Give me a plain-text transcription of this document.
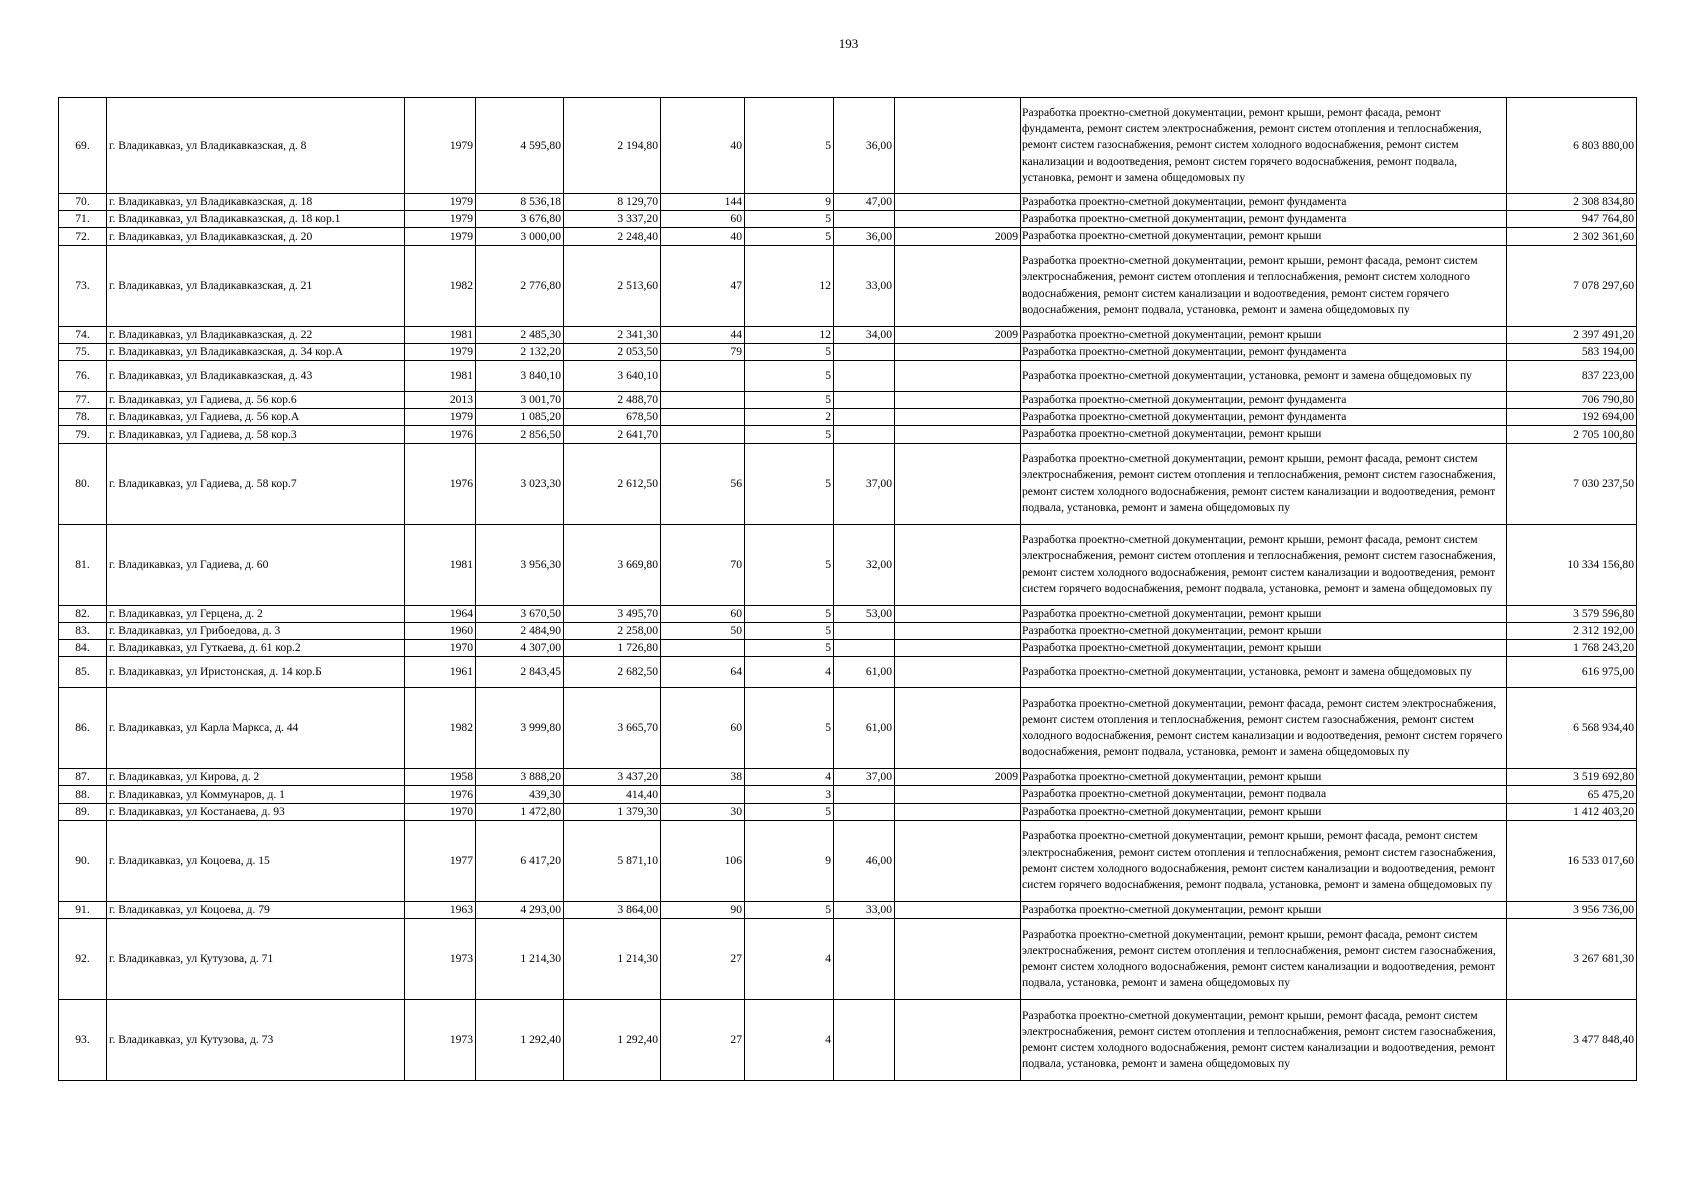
193
69.	г. Владикавказ, ул Владикавказская, д. 8	1979	4 595,80	2 194,80	40	5	36,00		Разработка проектно-сметной документации, ремонт крыши, ремонт фасада, ремонт фундамента, ремонт систем электроснабжения, ремонт систем отопления и теплоснабжения, ремонт систем газоснабжения, ремонт систем холодного водоснабжения, ремонт систем канализации и водоотведения, ремонт систем горячего водоснабжения, ремонт подвала, установка, ремонт и замена общедомовых пу	6 803 880,00
70.	г. Владикавказ, ул Владикавказская, д. 18	1979	8 536,18	8 129,70	144	9	47,00		Разработка проектно-сметной документации, ремонт фундамента	2 308 834,80
71.	г. Владикавказ, ул Владикавказская, д. 18 кор.1	1979	3 676,80	3 337,20	60	5			Разработка проектно-сметной документации, ремонт фундамента	947 764,80
72.	г. Владикавказ, ул Владикавказская, д. 20	1979	3 000,00	2 248,40	40	5	36,00	2009	Разработка проектно-сметной документации, ремонт крыши	2 302 361,60
73.	г. Владикавказ, ул Владикавказская, д. 21	1982	2 776,80	2 513,60	47	12	33,00		Разработка проектно-сметной документации, ремонт крыши, ремонт фасада, ремонт систем электроснабжения, ремонт систем отопления и теплоснабжения, ремонт систем холодного водоснабжения, ремонт систем канализации и водоотведения, ремонт систем горячего водоснабжения, ремонт подвала, установка, ремонт и замена общедомовых пу	7 078 297,60
74.	г. Владикавказ, ул Владикавказская, д. 22	1981	2 485,30	2 341,30	44	12	34,00	2009	Разработка проектно-сметной документации, ремонт крыши	2 397 491,20
75.	г. Владикавказ, ул Владикавказская, д. 34 кор.А	1979	2 132,20	2 053,50	79	5			Разработка проектно-сметной документации, ремонт фундамента	583 194,00
76.	г. Владикавказ, ул Владикавказская, д. 43	1981	3 840,10	3 640,10		5			Разработка проектно-сметной документации, установка, ремонт и замена общедомовых пу	837 223,00
77.	г. Владикавказ, ул Гадиева, д. 56 кор.6	2013	3 001,70	2 488,70		5			Разработка проектно-сметной документации, ремонт фундамента	706 790,80
78.	г. Владикавказ, ул Гадиева, д. 56 кор.А	1979	1 085,20	678,50		2			Разработка проектно-сметной документации, ремонт фундамента	192 694,00
79.	г. Владикавказ, ул Гадиева, д. 58 кор.3	1976	2 856,50	2 641,70		5			Разработка проектно-сметной документации, ремонт крыши	2 705 100,80
80.	г. Владикавказ, ул Гадиева, д. 58 кор.7	1976	3 023,30	2 612,50	56	5	37,00		Разработка проектно-сметной документации, ремонт крыши, ремонт фасада, ремонт систем электроснабжения, ремонт систем отопления и теплоснабжения, ремонт систем газоснабжения, ремонт систем холодного водоснабжения, ремонт систем канализации и водоотведения, ремонт подвала, установка, ремонт и замена общедомовых пу	7 030 237,50
81.	г. Владикавказ, ул Гадиева, д. 60	1981	3 956,30	3 669,80	70	5	32,00		Разработка проектно-сметной документации, ремонт крыши, ремонт фасада, ремонт систем электроснабжения, ремонт систем отопления и теплоснабжения, ремонт систем газоснабжения, ремонт систем холодного водоснабжения, ремонт систем канализации и водоотведения, ремонт систем горячего водоснабжения, ремонт подвала, установка, ремонт и замена общедомовых пу	10 334 156,80
82.	г. Владикавказ, ул Герцена, д. 2	1964	3 670,50	3 495,70	60	5	53,00		Разработка проектно-сметной документации, ремонт крыши	3 579 596,80
83.	г. Владикавказ, ул Грибоедова, д. 3	1960	2 484,90	2 258,00	50	5			Разработка проектно-сметной документации, ремонт крыши	2 312 192,00
84.	г. Владикавказ, ул Гуткаева, д. 61 кор.2	1970	4 307,00	1 726,80		5			Разработка проектно-сметной документации, ремонт крыши	1 768 243,20
85.	г. Владикавказ, ул Иристонская, д. 14 кор.Б	1961	2 843,45	2 682,50	64	4	61,00		Разработка проектно-сметной документации, установка, ремонт и замена общедомовых пу	616 975,00
86.	г. Владикавказ, ул Карла Маркса, д. 44	1982	3 999,80	3 665,70	60	5	61,00		Разработка проектно-сметной документации, ремонт фасада, ремонт систем электроснабжения, ремонт систем отопления и теплоснабжения, ремонт систем газоснабжения, ремонт систем холодного водоснабжения, ремонт систем канализации и водоотведения, ремонт систем горячего водоснабжения, ремонт подвала, установка, ремонт и замена общедомовых пу	6 568 934,40
87.	г. Владикавказ, ул Кирова, д. 2	1958	3 888,20	3 437,20	38	4	37,00	2009	Разработка проектно-сметной документации, ремонт крыши	3 519 692,80
88.	г. Владикавказ, ул Коммунаров, д. 1	1976	439,30	414,40		3			Разработка проектно-сметной документации, ремонт подвала	65 475,20
89.	г. Владикавказ, ул Костанаева, д. 93	1970	1 472,80	1 379,30	30	5			Разработка проектно-сметной документации, ремонт крыши	1 412 403,20
90.	г. Владикавказ, ул Коцоева, д. 15	1977	6 417,20	5 871,10	106	9	46,00		Разработка проектно-сметной документации, ремонт крыши, ремонт фасада, ремонт систем электроснабжения, ремонт систем отопления и теплоснабжения, ремонт систем газоснабжения, ремонт систем холодного водоснабжения, ремонт систем канализации и водоотведения, ремонт систем горячего водоснабжения, ремонт подвала, установка, ремонт и замена общедомовых пу	16 533 017,60
91.	г. Владикавказ, ул Коцоева, д. 79	1963	4 293,00	3 864,00	90	5	33,00		Разработка проектно-сметной документации, ремонт крыши	3 956 736,00
92.	г. Владикавказ, ул Кутузова, д. 71	1973	1 214,30	1 214,30	27	4			Разработка проектно-сметной документации, ремонт крыши, ремонт фасада, ремонт систем электроснабжения, ремонт систем отопления и теплоснабжения, ремонт систем газоснабжения, ремонт систем холодного водоснабжения, ремонт систем канализации и водоотведения, ремонт подвала, установка, ремонт и замена общедомовых пу	3 267 681,30
93.	г. Владикавказ, ул Кутузова, д. 73	1973	1 292,40	1 292,40	27	4			Разработка проектно-сметной документации, ремонт крыши, ремонт фасада, ремонт систем электроснабжения, ремонт систем отопления и теплоснабжения, ремонт систем газоснабжения, ремонт систем холодного водоснабжения, ремонт систем канализации и водоотведения, ремонт подвала, установка, ремонт и замена общедомовых пу	3 477 848,40
